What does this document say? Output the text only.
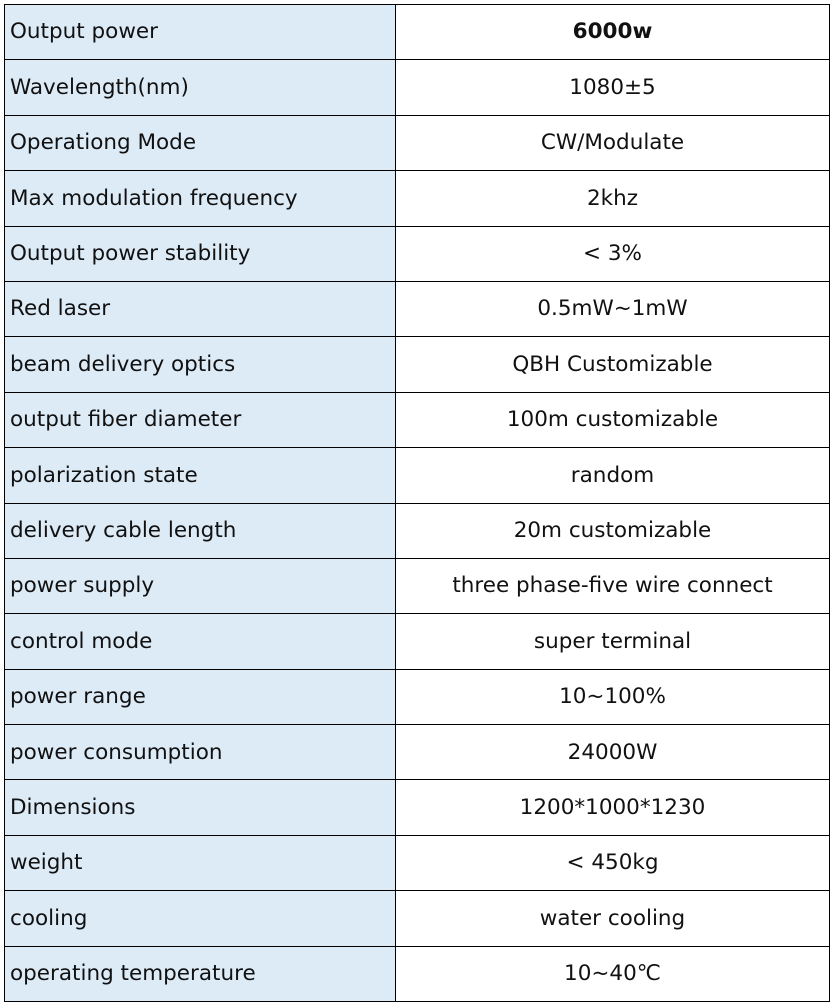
Output power	6000w
Wavelength(nm)	1080±5
Operationg Mode	CW/Modulate
Max modulation frequency	2khz
Output power stability	< 3%
Red laser	0.5mW~1mW
beam delivery optics	QBH Customizable
output fiber diameter	100m customizable
polarization state	random
delivery cable length	20m customizable
power supply	three phase-five wire connect
control mode	super terminal
power range	10~100%
power consumption	24000W
Dimensions	1200*1000*1230
weight	< 450kg
cooling	water cooling
operating temperature	10~40℃
